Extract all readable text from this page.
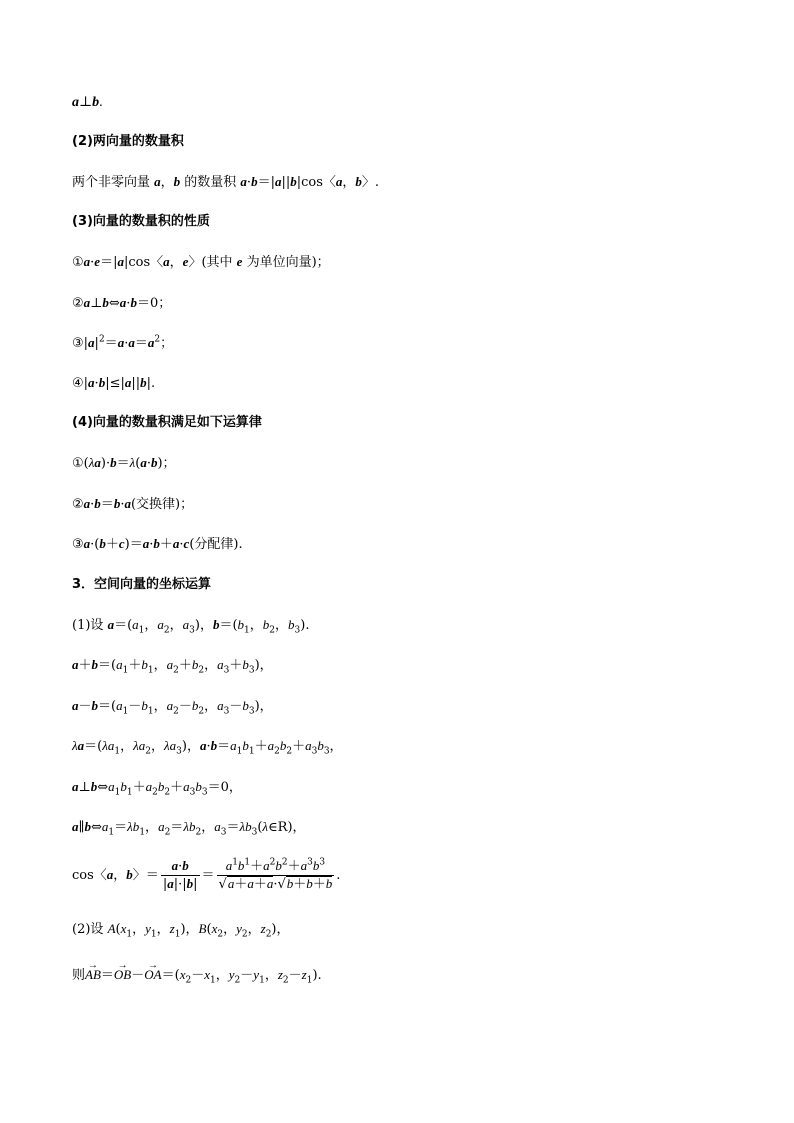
a⊥b.
(2)两向量的数量积
两个非零向量 a，b 的数量积 a·b＝|a||b|cos〈a，b〉.
(3)向量的数量积的性质
①a·e＝|a|cos〈a，e〉(其中 e 为单位向量)；
②a⊥b⇔a·b＝0；
$③|a|^2=a\cdot a=a^2$；
④|a·b|≤|a||b|.
(4)向量的数量积满足如下运算律
①(λa)·b＝λ(a·b)；
②a·b＝b·a(交换律)；
③a·(b＋c)＝a·b＋a·c(分配律).
3．空间向量的坐标运算
(1)设 $a=(a_1$，$a_2$，$a_3$)，$b=(b_1$，$b_2$，$b_3$).
$a+b=(a_1+b_1$，$a_2+b_2$，$a_3+b_3$)，
$a-b=(a_1-b_1$，$a_2-b_2$，$a_3-b_3$)，
$\lambda a=(\lambda a_1$，$\lambda a_2$，$\lambda a_3$)，$a\cdot b=a_1b_1+a_2b_2+a_3b_3$，
$a\perp b\Leftrightarrow a_1b_1+a_2b_2+a_3b_3=0$，
$a\parallel b\Leftrightarrow a_1=\lambda b_1$，$a_2=\lambda b_2$，$a_3=\lambda b_3(\lambda\in R)$，
cos〈a，b〉＝ $\frac{a\cdot b}{|a|\cdot|b|} = \frac{a^1b^1+a^2b^2+a^3b^3}{√a+a+a\cdot√b+b+b}$ .
(2)设 $A(x_1$，$y_1$，$z_1$)，$B(x_2$，$y_2$，$z_2$)，
则→ $AB=\to OB-\to OA=(x_2-x_1$，$y_2-y_1$，$z_2-z_1$).
